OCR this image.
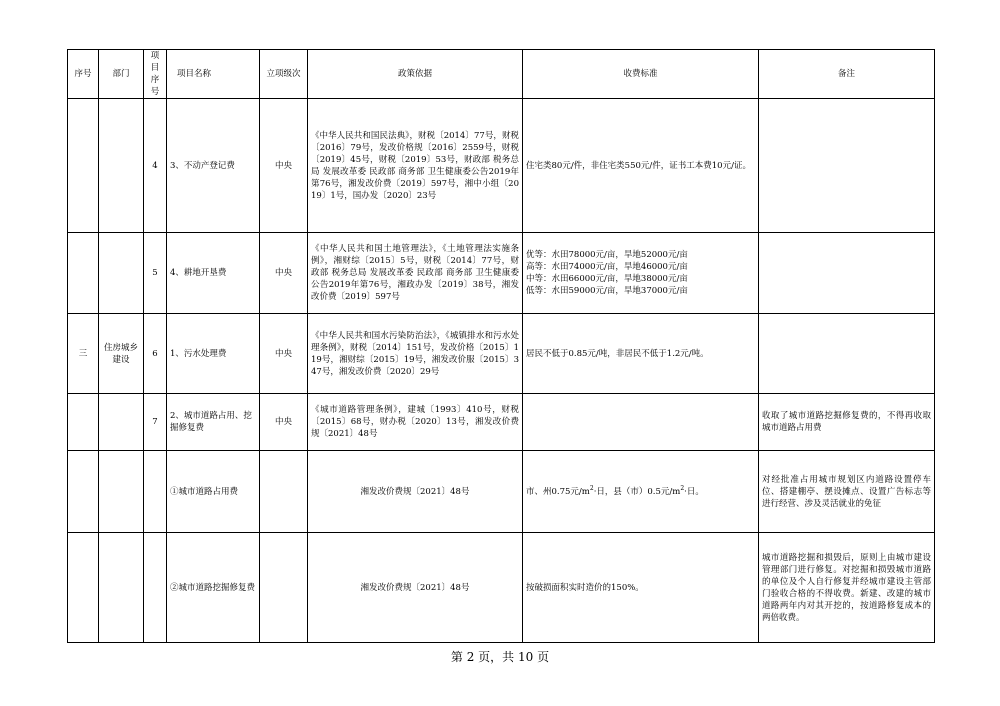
序号	部门	项目序号	项目名称	立项级次	政策依据	收费标准	备注
		4	3、不动产登记费	中央	《中华人民共和国民法典》，财税〔2014〕77号，财税〔2016〕79号，发改价格规〔2016〕2559号，财税〔2019〕45号，财税〔2019〕53号，财政部 税务总局 发展改革委 民政部 商务部 卫生健康委公告2019年第76号，湘发改价费〔2019〕597号，湘中小组〔2019〕1号，国办发〔2020〕23号	住宅类80元/件，非住宅类550元/件，证书工本费10元/证。	
		5	4、耕地开垦费	中央	《中华人民共和国土地管理法》，《土地管理法实施条例》，湘财综〔2015〕5号，财税〔2014〕77号，财政部 税务总局 发展改革委 民政部 商务部 卫生健康委公告2019年第76号，湘政办发〔2019〕38号，湘发改价费〔2019〕597号	优等：水田78000元/亩，旱地52000元/亩
高等：水田74000元/亩，旱地46000元/亩
中等：水田66000元/亩，旱地38000元/亩
低等：水田59000元/亩，旱地37000元/亩	

三	住房城乡建设	6	1、污水处理费	中央	《中华人民共和国水污染防治法》，《城镇排水和污水处理条例》，财税〔2014〕151号，发改价格〔2015〕119号，湘财综〔2015〕19号，湘发改价服〔2015〕347号，湘发改价费〔2020〕29号	居民不低于0.85元/吨，非居民不低于1.2元/吨。	
		7	2、城市道路占用、挖掘修复费	中央	《城市道路管理条例》，建城〔1993〕410号，财税〔2015〕68号，财办税〔2020〕13号，湘发改价费规〔2021〕48号		收取了城市道路挖掘修复费的，不得再收取城市道路占用费
			①城市道路占用费		湘发改价费规〔2021〕48号	市、州0.75元$/m^2\cdot$日，县（市）0.5元$/m^2\cdot$日。	对经批准占用城市规划区内道路设置停车位、搭建棚亭、摆设摊点、设置广告标志等进行经营、涉及灵活就业的免征
			②城市道路挖掘修复费		湘发改价费规〔2021〕48号	按破损面积实时造价的150%。	城市道路挖掘和损毁后，原则上由城市建设管理部门进行修复。对挖掘和损毁城市道路的单位及个人自行修复并经城市建设主管部门验收合格的不得收费。新建、改建的城市道路两年内对其开挖的，按道路修复成本的两倍收费。
第 2 页，共 10 页
